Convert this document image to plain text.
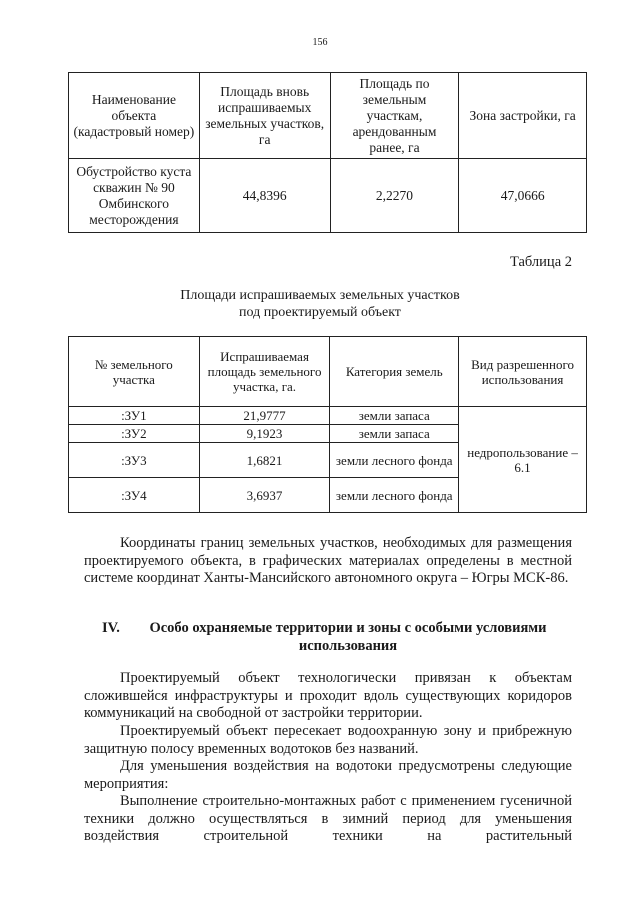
156
Наименование объекта (кадастровый номер)	Площадь вновь испрашиваемых земельных участков, га	Площадь по земельным участкам, арендованным ранее, га	Зона застройки, га
Обустройство куста скважин № 90 Омбинского месторождения	44,8396	2,2270	47,0666
Таблица 2
Площади испрашиваемых земельных участков
под проектируемый объект
№ земельного участка	Испрашиваемая площадь земельного участка, га.	Категория земель	Вид разрешенного использования
:ЗУ1	21,9777	земли запаса	недропользование – 6.1
:ЗУ2	9,1923	земли запаса	
:ЗУ3	1,6821	земли лесного фонда	
:ЗУ4	3,6937	земли лесного фонда	
Координаты границ земельных участков, необходимых для размещения проектируемого объекта, в графических материалах определены в местной системе координат Ханты-Мансийского автономного округа – Югры МСК-86.
IV.	Особо охраняемые территории и зоны с особыми условиями использования
Проектируемый объект технологически привязан к объектам сложившейся инфраструктуры и проходит вдоль существующих коридоров коммуникаций на свободной от застройки территории.
Проектируемый объект пересекает водоохранную зону и прибрежную защитную полосу временных водотоков без названий.
Для уменьшения воздействия на водотоки предусмотрены следующие мероприятия:
Выполнение строительно-монтажных работ с применением гусеничной техники должно осуществляться в зимний период для уменьшения воздействия строительной техники на растительный
